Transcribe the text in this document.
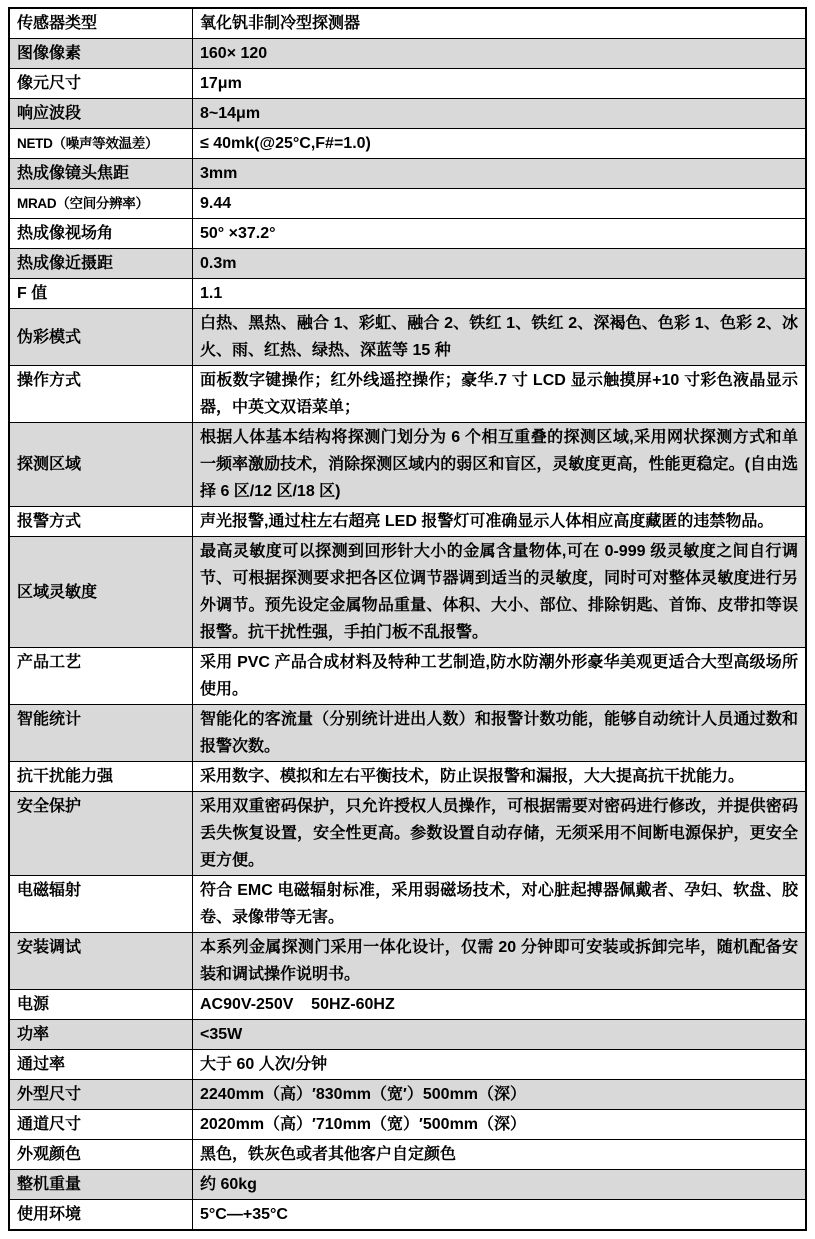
传感器类型	氧化钒非制冷型探测器
图像像素	160× 120
像元尺寸	17μm
响应波段	8~14μm
NETD（噪声等效温差）	≤ 40mk(@25°C,F#=1.0)
热成像镜头焦距	3mm
MRAD（空间分辨率）	9.44
热成像视场角	50° ×37.2°
热成像近摄距	0.3m
F 值	1.1
伪彩模式	白热、黑热、融合 1、彩虹、融合 2、铁红 1、铁红 2、深褐色、色彩 1、色彩 2、冰火、雨、红热、绿热、深蓝等 15 种
操作方式	面板数字键操作；红外线遥控操作；豪华.7 寸 LCD 显示触摸屏+10 寸彩色液晶显示器，中英文双语菜单；
探测区域	根据人体基本结构将探测门划分为 6 个相互重叠的探测区域,采用网状探测方式和单一频率激励技术，消除探测区域内的弱区和盲区，灵敏度更高，性能更稳定。(自由选择 6 区/12 区/18 区)
报警方式	声光报警,通过柱左右超亮 LED 报警灯可准确显示人体相应高度藏匿的违禁物品。
区域灵敏度	最高灵敏度可以探测到回形针大小的金属含量物体,可在 0-999 级灵敏度之间自行调节、可根据探测要求把各区位调节器调到适当的灵敏度，同时可对整体灵敏度进行另外调节。预先设定金属物品重量、体积、大小、部位、排除钥匙、首饰、皮带扣等误报警。抗干扰性强，手拍门板不乱报警。
产品工艺	采用 PVC 产品合成材料及特种工艺制造,防水防潮外形豪华美观更适合大型高级场所使用。
智能统计	智能化的客流量（分别统计进出人数）和报警计数功能，能够自动统计人员通过数和报警次数。
抗干扰能力强	采用数字、模拟和左右平衡技术，防止误报警和漏报，大大提高抗干扰能力。
安全保护	采用双重密码保护，只允许授权人员操作，可根据需要对密码进行修改，并提供密码丢失恢复设置，安全性更高。参数设置自动存储，无须采用不间断电源保护，更安全更方便。
电磁辐射	符合 EMC 电磁辐射标准，采用弱磁场技术，对心脏起搏器佩戴者、孕妇、软盘、胶卷、录像带等无害。
安装调试	本系列金属探测门采用一体化设计，仅需 20 分钟即可安装或拆卸完毕，随机配备安装和调试操作说明书。
电源	AC90V-250V    50HZ-60HZ
功率	<35W
通过率	大于 60 人次/分钟
外型尺寸	2240mm（高）′830mm（宽′）500mm（深）
通道尺寸	2020mm（高）′710mm（宽）′500mm（深）
外观颜色	黑色，铁灰色或者其他客户自定颜色
整机重量	约 60kg
使用环境	5°C—+35°C
